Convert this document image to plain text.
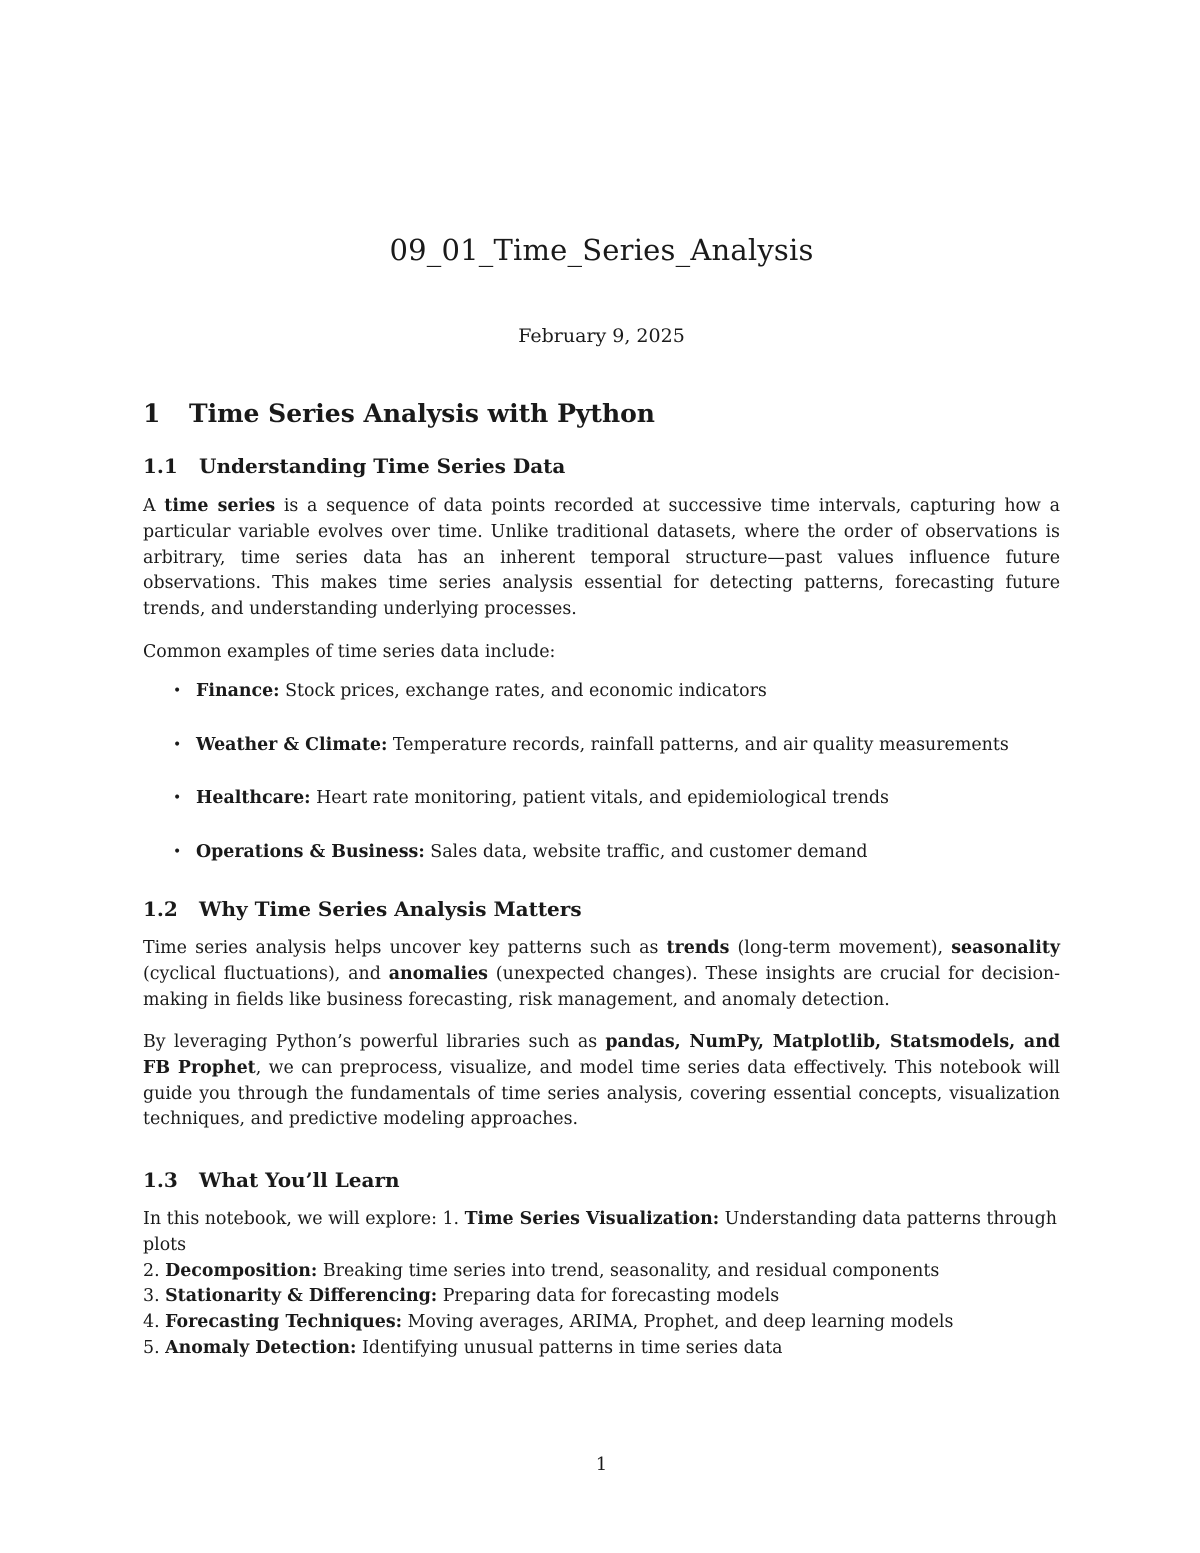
09_01_Time_Series_Analysis
February 9, 2025
1 Time Series Analysis with Python
1.1 Understanding Time Series Data
A time series is a sequence of data points recorded at successive time intervals, capturing how a particular variable evolves over time. Unlike traditional datasets, where the order of observations is arbitrary, time series data has an inherent temporal structure—past values influence future observations. This makes time series analysis essential for detecting patterns, forecasting future trends, and understanding underlying processes.
Common examples of time series data include:
• Finance: Stock prices, exchange rates, and economic indicators
• Weather & Climate: Temperature records, rainfall patterns, and air quality measurements
• Healthcare: Heart rate monitoring, patient vitals, and epidemiological trends
• Operations & Business: Sales data, website traffic, and customer demand
1.2 Why Time Series Analysis Matters
Time series analysis helps uncover key patterns such as trends (long-term movement), seasonality (cyclical fluctuations), and anomalies (unexpected changes). These insights are crucial for decision-making in fields like business forecasting, risk management, and anomaly detection.
By leveraging Python’s powerful libraries such as pandas, NumPy, Matplotlib, Statsmodels, and FB Prophet, we can preprocess, visualize, and model time series data effectively. This notebook will guide you through the fundamentals of time series analysis, covering essential concepts, visualization techniques, and predictive modeling approaches.
1.3 What You’ll Learn
In this notebook, we will explore: 1. Time Series Visualization: Understanding data patterns through plots
2. Decomposition: Breaking time series into trend, seasonality, and residual components
3. Stationarity & Differencing: Preparing data for forecasting models
4. Forecasting Techniques: Moving averages, ARIMA, Prophet, and deep learning models
5. Anomaly Detection: Identifying unusual patterns in time series data
1
